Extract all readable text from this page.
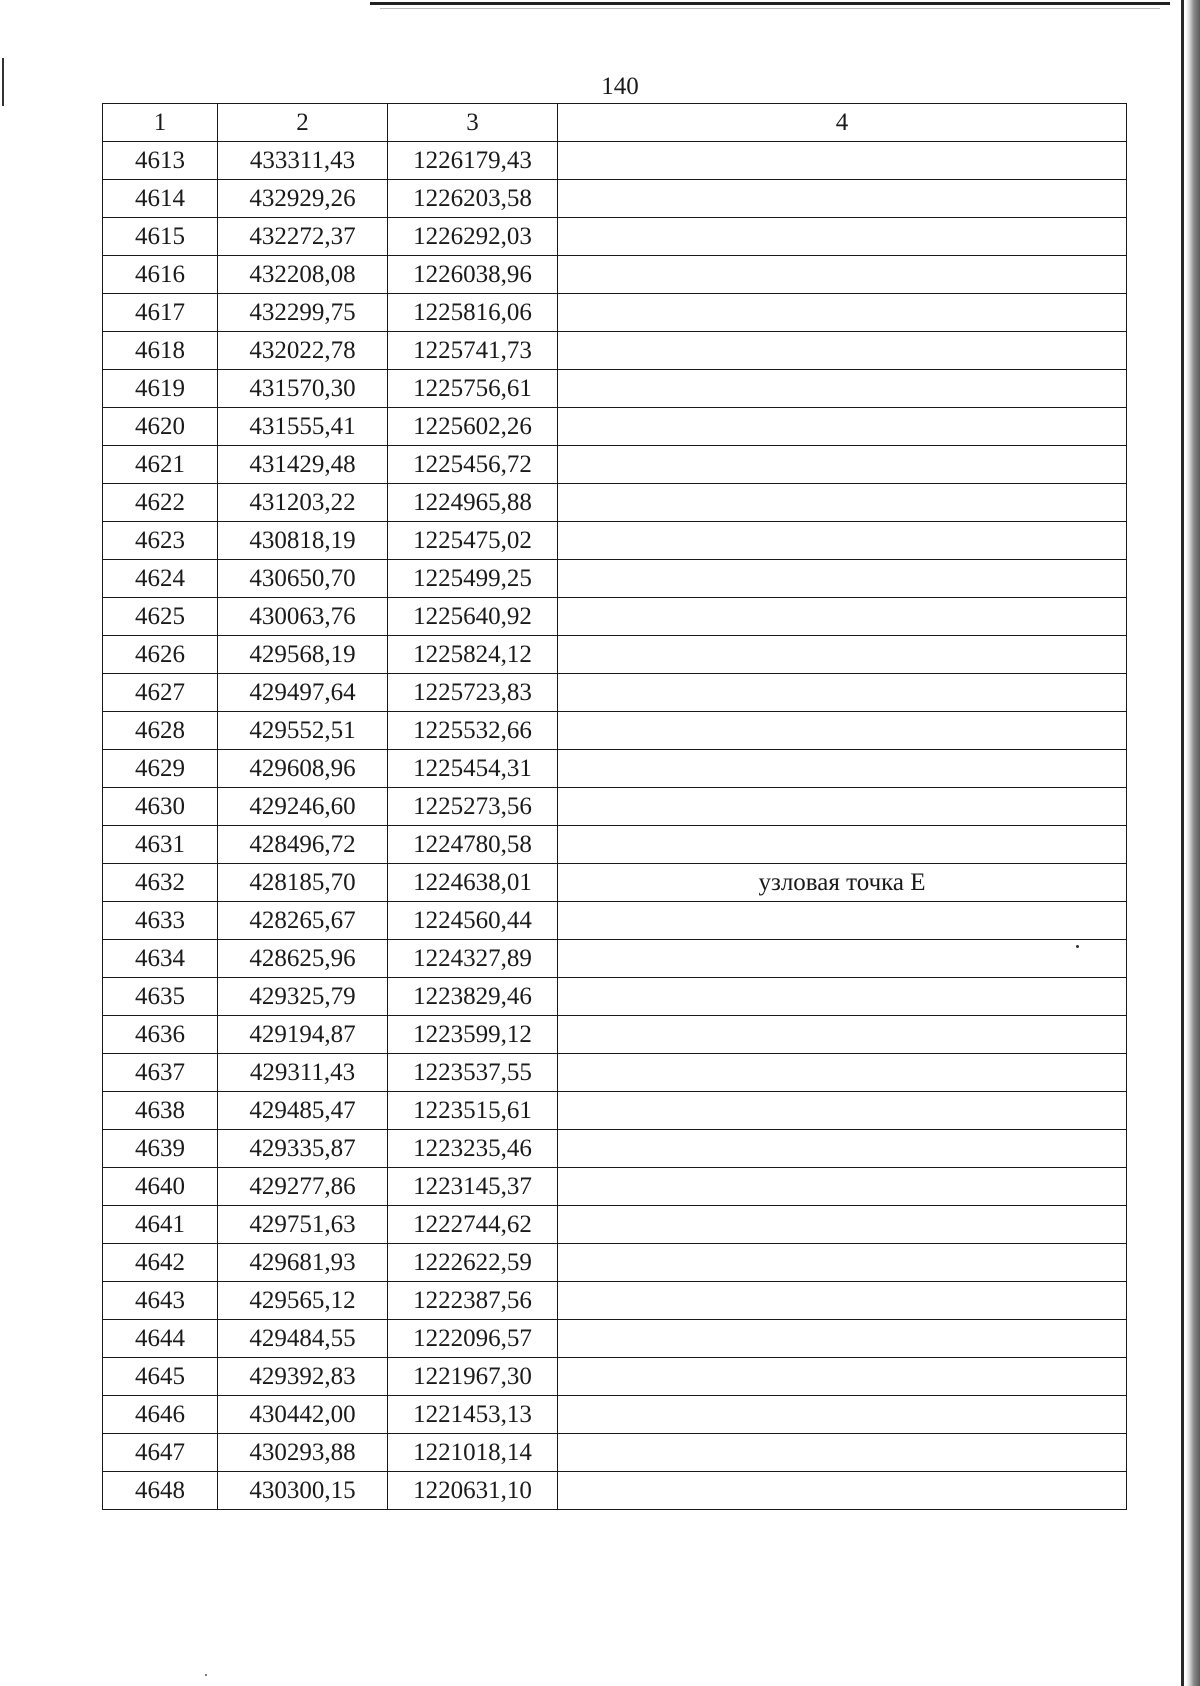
140
1	2	3	4
4613	433311,43	1226179,43	
4614	432929,26	1226203,58	
4615	432272,37	1226292,03	
4616	432208,08	1226038,96	
4617	432299,75	1225816,06	
4618	432022,78	1225741,73	
4619	431570,30	1225756,61	
4620	431555,41	1225602,26	
4621	431429,48	1225456,72	
4622	431203,22	1224965,88	
4623	430818,19	1225475,02	
4624	430650,70	1225499,25	
4625	430063,76	1225640,92	
4626	429568,19	1225824,12	
4627	429497,64	1225723,83	
4628	429552,51	1225532,66	
4629	429608,96	1225454,31	
4630	429246,60	1225273,56	
4631	428496,72	1224780,58	
4632	428185,70	1224638,01	узловая точка Е
4633	428265,67	1224560,44	
4634	428625,96	1224327,89	
4635	429325,79	1223829,46	
4636	429194,87	1223599,12	
4637	429311,43	1223537,55	
4638	429485,47	1223515,61	
4639	429335,87	1223235,46	
4640	429277,86	1223145,37	
4641	429751,63	1222744,62	
4642	429681,93	1222622,59	
4643	429565,12	1222387,56	
4644	429484,55	1222096,57	
4645	429392,83	1221967,30	
4646	430442,00	1221453,13	
4647	430293,88	1221018,14	
4648	430300,15	1220631,10	
